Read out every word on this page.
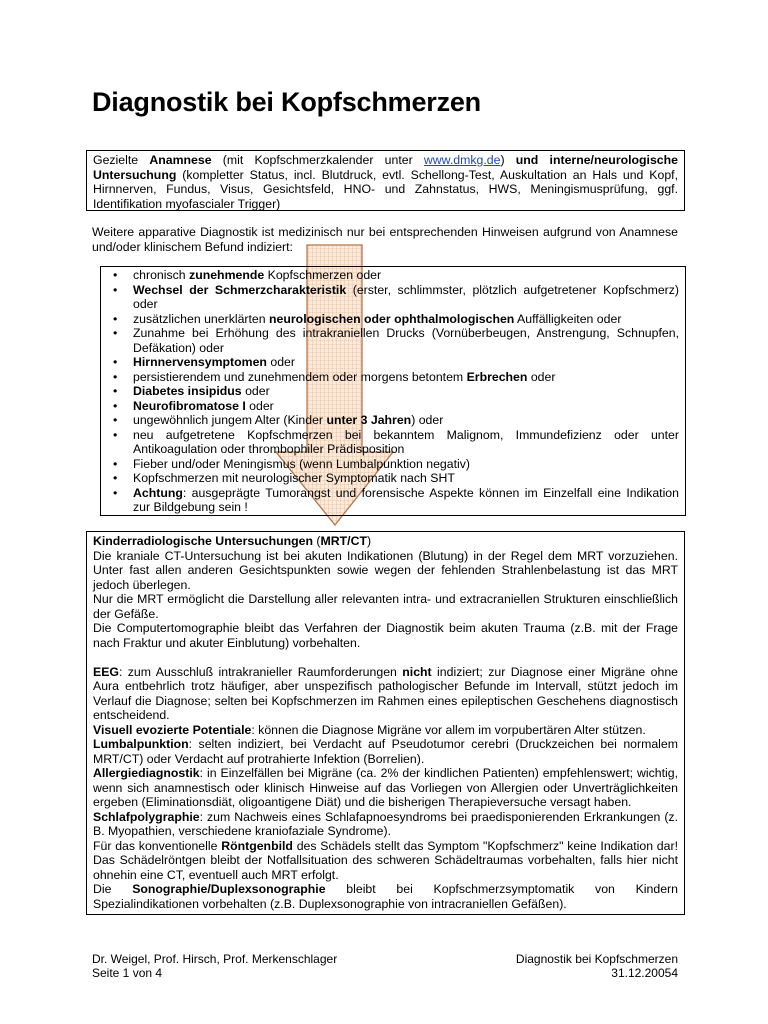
Diagnostik bei Kopfschmerzen
Gezielte Anamnese (mit Kopfschmerzkalender unter www.dmkg.de) und interne/neurologische Untersuchung (kompletter Status, incl. Blutdruck, evtl. Schellong-Test, Auskultation an Hals und Kopf, Hirnnerven, Fundus, Visus, Gesichtsfeld, HNO- und Zahnstatus, HWS, Meningismusprüfung, ggf. Identifikation myofascialer Trigger)
Weitere apparative Diagnostik ist medizinisch nur bei entsprechenden Hinweisen aufgrund von Anamnese und/oder klinischem Befund indiziert:
• chronisch zunehmende Kopfschmerzen oder
• Wechsel der Schmerzcharakteristik (erster, schlimmster, plötzlich aufgetretener Kopfschmerz) oder
• zusätzlichen unerklärten neurologischen oder ophthalmologischen Auffälligkeiten oder
• Zunahme bei Erhöhung des intrakraniellen Drucks (Vornüberbeugen, Anstrengung, Schnupfen, Defäkation) oder
• Hirnnervensymptomen oder
• persistierendem und zunehmendem oder morgens betontem Erbrechen oder
• Diabetes insipidus oder
• Neurofibromatose I oder
• ungewöhnlich jungem Alter (Kinder unter 3 Jahren) oder
• neu aufgetretene Kopfschmerzen bei bekanntem Malignom, Immundefizienz oder unter Antikoagulation oder thrombophiler Prädisposition
• Fieber und/oder Meningismus (wenn Lumbalpunktion negativ)
• Kopfschmerzen mit neurologischer Symptomatik nach SHT
• Achtung: ausgeprägte Tumorangst und forensische Aspekte können im Einzelfall eine Indikation zur Bildgebung sein !

Kinderradiologische Untersuchungen (MRT/CT)

Die kraniale CT-Untersuchung ist bei akuten Indikationen (Blutung) in der Regel dem MRT vorzuziehen. Unter fast allen anderen Gesichtspunkten sowie wegen der fehlenden Strahlenbelastung ist das MRT jedoch überlegen.

Nur die MRT ermöglicht die Darstellung aller relevanten intra- und extracraniellen Strukturen einschließlich der Gefäße.

Die Computertomographie bleibt das Verfahren der Diagnostik beim akuten Trauma (z.B. mit der Frage nach Fraktur und akuter Einblutung) vorbehalten.

EEG: zum Ausschluß intrakranieller Raumforderungen nicht indiziert; zur Diagnose einer Migräne ohne Aura entbehrlich trotz häufiger, aber unspezifisch pathologischer Befunde im Intervall, stützt jedoch im Verlauf die Diagnose; selten bei Kopfschmerzen im Rahmen eines epileptischen Geschehens diagnostisch entscheidend.

Visuell evozierte Potentiale: können die Diagnose Migräne vor allem im vorpubertären Alter stützen.

Lumbalpunktion: selten indiziert, bei Verdacht auf Pseudotumor cerebri (Druckzeichen bei normalem MRT/CT) oder Verdacht auf protrahierte Infektion (Borrelien).

Allergiediagnostik: in Einzelfällen bei Migräne (ca. 2% der kindlichen Patienten) empfehlenswert; wichtig, wenn sich anamnestisch oder klinisch Hinweise auf das Vorliegen von Allergien oder Unverträglichkeiten ergeben (Eliminationsdiät, oligoantigene Diät) und die bisherigen Therapieversuche versagt haben.

Schlafpolygraphie: zum Nachweis eines Schlafapnoesyndroms bei praedisponierenden Erkrankungen (z. B. Myopathien, verschiedene kraniofaziale Syndrome).

Für das konventionelle Röntgenbild des Schädels stellt das Symptom "Kopfschmerz" keine Indikation dar! Das Schädelröntgen bleibt der Notfallsituation des schweren Schädeltraumas vorbehalten, falls hier nicht ohnehin eine CT, eventuell auch MRT erfolgt.

Die Sonographie/Duplexsonographie bleibt bei Kopfschmerzsymptomatik von Kindern Spezialindikationen vorbehalten (z.B. Duplexsonographie von intracraniellen Gefäßen).

Dr. Weigel, Prof. Hirsch, Prof. Merkenschlager
Seite 1 von 4
Diagnostik bei Kopfschmerzen
31.12.20054
